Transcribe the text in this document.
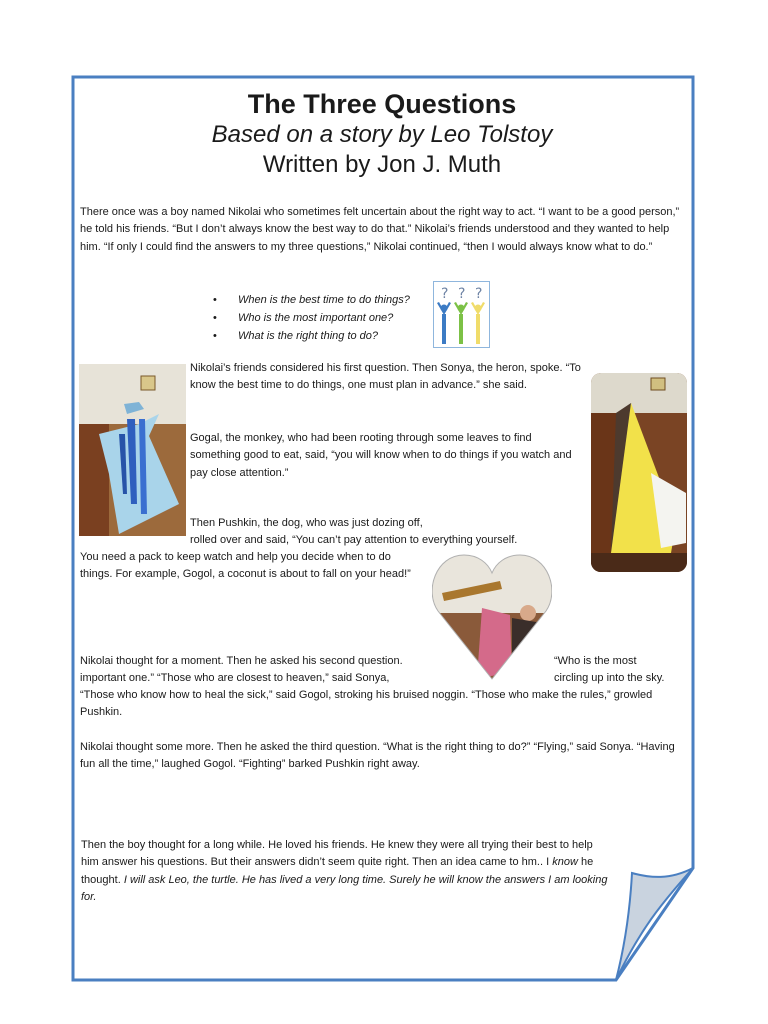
The Three Questions
Based on a story by Leo Tolstoy
Written by Jon J. Muth
There once was a boy named Nikolai who sometimes felt uncertain about the right way to act. “I want to be a good person,” he told his friends. “But I don’t always know the best way to do that.” Nikolai’s friends understood and they wanted to help him. “If only I could find the answers to my three questions,” Nikolai continued, “then I would always know what to do.”
• When is the best time to do things?
• Who is the most important one?
• What is the right thing to do?
? ? ?
Nikolai’s friends considered his first question. Then Sonya, the heron, spoke. “To know the best time to do things, one must plan in advance.” she said.
Gogal, the monkey, who had been rooting through some leaves to find something good to eat, said, “you will know when to do things if you watch and pay close attention.”
Then Pushkin, the dog, who was just dozing off,
rolled over and said, “You can’t pay attention to everything yourself.
You need a pack to keep watch and help you decide when to do things. For example, Gogol, a coconut is about to fall on your head!”
Nikolai thought for a moment. Then he asked his second question.	“Who is the most
important one.” “Those who are closest to heaven,” said Sonya,	circling up into the sky.
“Those who know how to heal the sick,” said Gogol, stroking his bruised noggin. “Those who make the rules,” growled Pushkin.
Nikolai thought some more. Then he asked the third question. “What is the right thing to do?” “Flying,” said Sonya. “Having fun all the time,” laughed Gogol. “Fighting” barked Pushkin right away.
Then the boy thought for a long while. He loved his friends. He knew they were all trying their best to help him answer his questions. But their answers didn’t seem quite right. Then an idea came to hm.. I know he thought. I will ask Leo, the turtle. He has lived a very long time. Surely he will know the answers I am looking for.
